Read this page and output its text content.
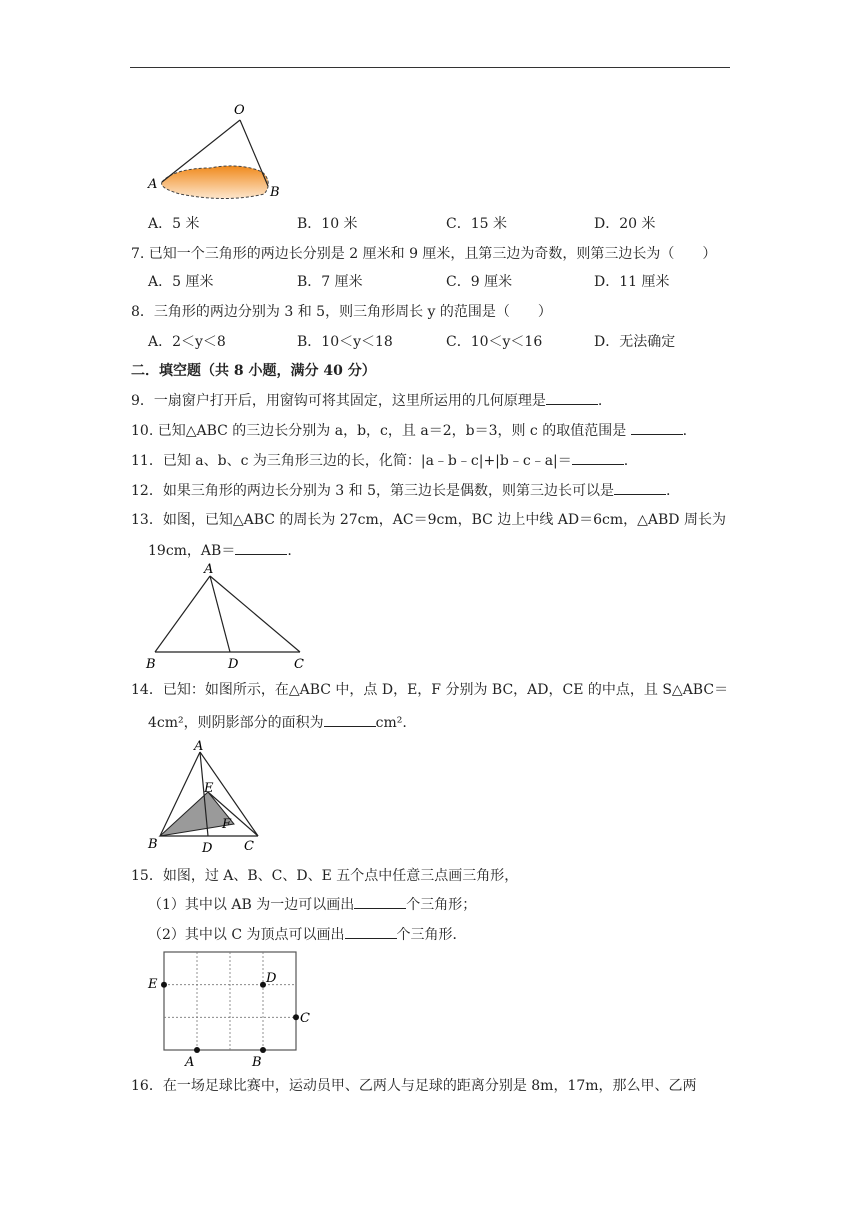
O
A
B
A．5 米	B．10 米	C．15 米	D．20 米
7. 已知一个三角形的两边长分别是 2 厘米和 9 厘米，且第三边为奇数，则第三边长为（　　）
A．5 厘米	B．7 厘米	C．9 厘米	D．11 厘米
8．三角形的两边分别为 3 和 5，则三角形周长 y 的范围是（　　）
A．2＜y＜8	B．10＜y＜18	C．10＜y＜16	D．无法确定
二．填空题（共 8 小题，满分 40 分）
9．一扇窗户打开后，用窗钩可将其固定，这里所运用的几何原理是	.
10. 已知△ABC 的三边长分别为 a，b，c，且 a＝2，b＝3，则 c 的取值范围是	.
11．已知 a、b、c 为三角形三边的长，化简：|a﹣b﹣c|+|b﹣c﹣a|＝	.
12．如果三角形的两边长分别为 3 和 5，第三边长是偶数，则第三边长可以是	.
13．如图，已知△ABC 的周长为 27cm，AC＝9cm，BC 边上中线 AD＝6cm，△ABD 周长为
19cm，AB＝	.
A
B	D	C
14．已知：如图所示，在△ABC 中，点 D，E，F 分别为 BC，AD，CE 的中点，且 S△ABC＝
4cm²，则阴影部分的面积为	cm².
A
E
F
B	D C
15．如图，过 A、B、C、D、E 五个点中任意三点画三角形，
（1）其中以 AB 为一边可以画出	个三角形；
（2）其中以 C 为顶点可以画出	个三角形．
E	D
C
A	B
16．在一场足球比赛中，运动员甲、乙两人与足球的距离分别是 8m，17m，那么甲、乙两
